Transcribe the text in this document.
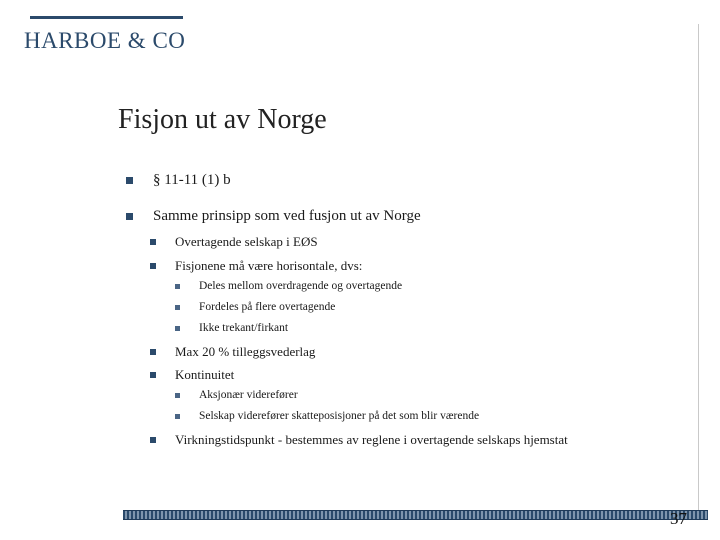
HARBOE & CO
Fisjon ut av Norge
§ 11-11 (1) b
Samme prinsipp som ved fusjon ut av Norge
Overtagende selskap i EØS
Fisjonene må være horisontale, dvs:
Deles mellom overdragende og overtagende
Fordeles på flere overtagende
Ikke trekant/firkant
Max 20 % tilleggsvederlag
Kontinuitet
Aksjonær viderefører
Selskap viderefører skatteposisjoner på det som blir værende
Virkningstidspunkt - bestemmes av reglene i overtagende selskaps hjemstat
37
